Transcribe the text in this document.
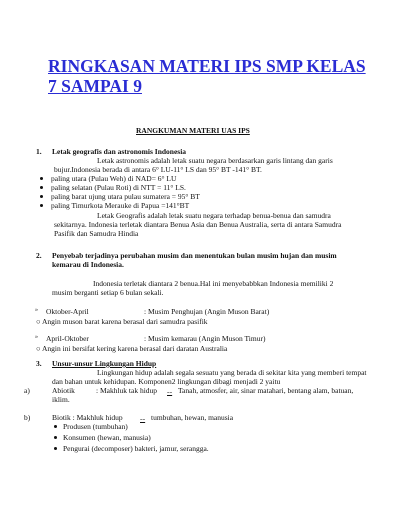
RINGKASAN MATERI IPS SMP KELAS 7 SAMPAI 9
RANGKUMAN MATERI UAS IPS
1. Letak geografis dan astronomis Indonesia
Letak astronomis adalah letak suatu negara berdasarkan garis lintang dan garis
bujur.Indonesia berada di antara 6° LU-11° LS dan 95° BT -141° BT.
paling utara (Pulau Weh) di NAD= 6° LU
paling selatan (Pulau Roti) di NTT = 11° LS.
paling barat ujung utara pulau sumatera = 95° BT
paling Timurkota Merauke di Papua =141°BT
Letak Geografis adalah letak suatu negara terhadap benua-benua dan samudra
sekitarnya. Indonesia terletak diantara Benua Asia dan Benua Australia, serta di antara Samudra
Pasifik dan Samudra Hindia
2. Penyebab terjadinya perubahan musim dan menentukan bulan musim hujan dan musim
kemarau di Indonesia.
Indonesia terletak diantara 2 benua.Hal ini menyebabbkan Indonesia memiliki 2
musim berganti setiap 6 bulan sekali.
» Oktober-April	: Musim Penghujan (Angin Muson Barat)
○ Angin muson barat karena berasal dari samudra pasifik
» April-Oktober	: Musim kemarau (Angin Muson Timur)
○ Angin ini bersifat kering karena berasal dari daratan Australia
3. Unsur-unsur Lingkungan Hidup
Lingkungan hidup adalah segala sesuatu yang berada di sekitar kita yang memberi tempat
dan bahan untuk kehidupan. Komponen2 lingkungan dibagi menjadi 2 yaitu
a)	Abiotik	: Makhluk tak hidup == Tanah, atmosfer, air, sinar matahari, bentang alam, batuan,
iklim.
b)	Biotik : Makhluk hidup	== tumbuhan, hewan, manusia
Produsen (tumbuhan)
Konsumen (hewan, manusia)
Pengurai (decomposer) bakteri, jamur, serangga.
